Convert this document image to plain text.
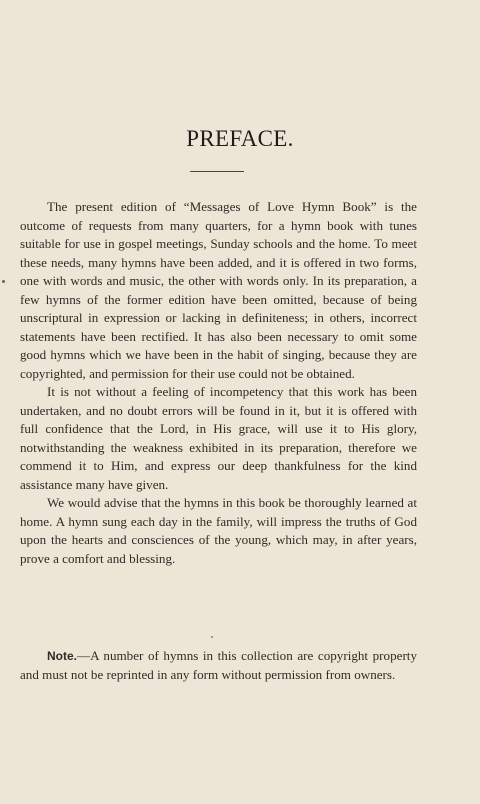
PREFACE.

The present edition of “Messages of Love Hymn Book” is the outcome of requests from many quarters, for a hymn book with tunes suitable for use in gospel meetings, Sunday schools and the home. To meet these needs, many hymns have been added, and it is offered in two forms, one with words and music, the other with words only. In its preparation, a few hymns of the former edition have been omitted, because of being unscriptural in expression or lacking in definiteness; in others, incorrect statements have been rectified. It has also been necessary to omit some good hymns which we have been in the habit of singing, because they are copyrighted, and permission for their use could not be obtained.

It is not without a feeling of incompetency that this work has been undertaken, and no doubt errors will be found in it, but it is offered with full confidence that the Lord, in His grace, will use it to His glory, notwithstanding the weakness exhibited in its preparation, therefore we commend it to Him, and express our deep thankfulness for the kind assistance many have given.

We would advise that the hymns in this book be thoroughly learned at home. A hymn sung each day in the family, will impress the truths of God upon the hearts and consciences of the young, which may, in after years, prove a comfort and blessing.

Note.—A number of hymns in this collection are copyright property and must not be reprinted in any form without permission from owners.
